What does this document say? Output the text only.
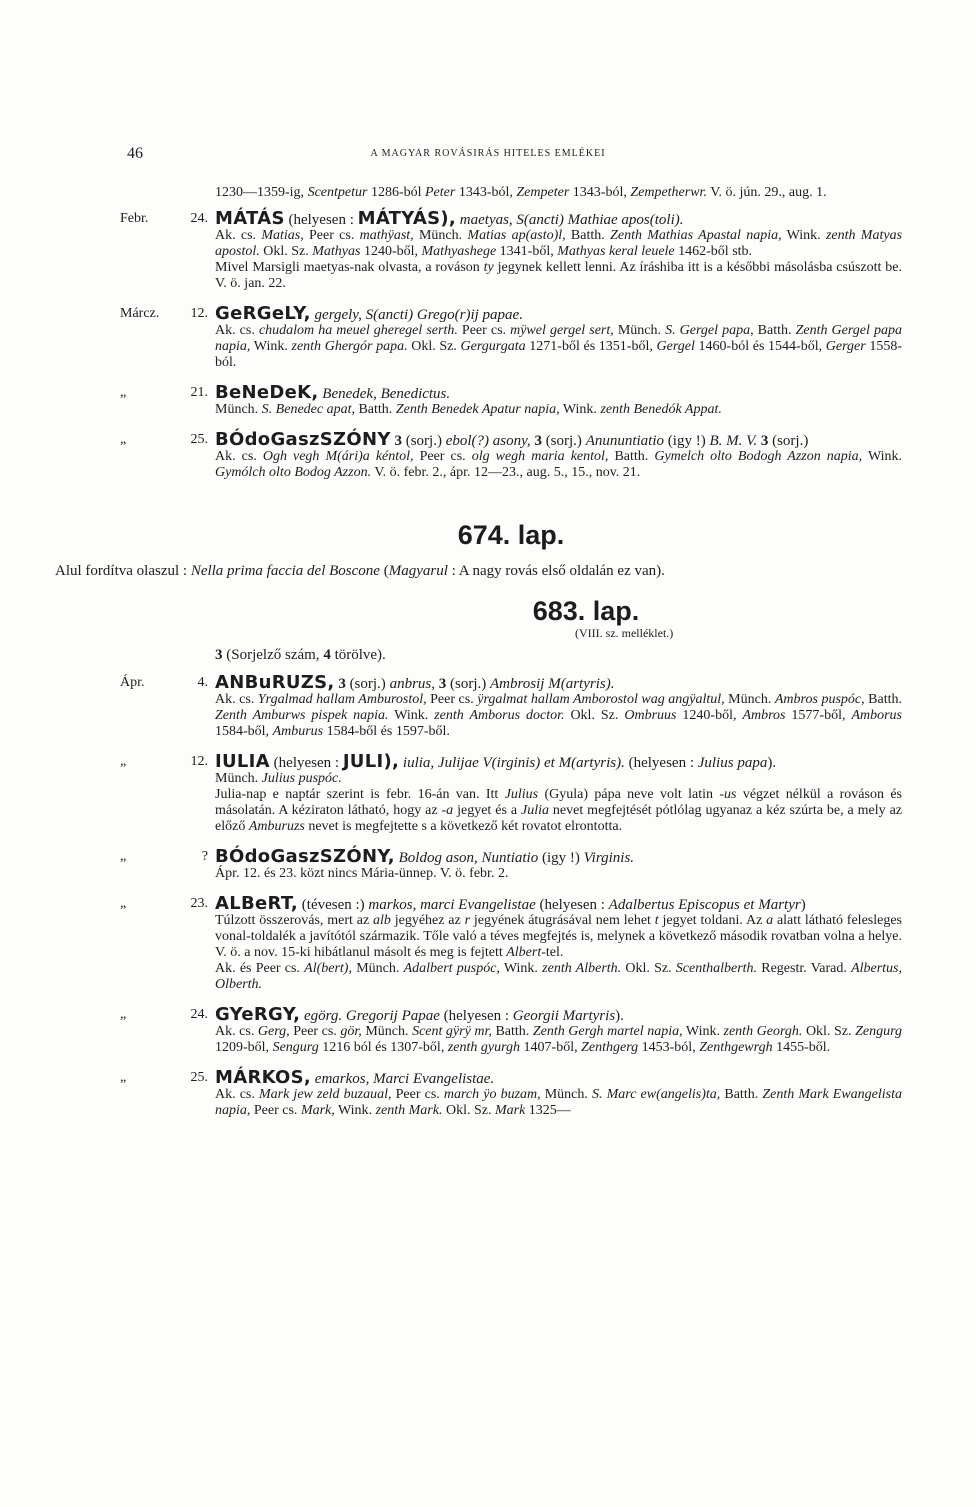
46	A MAGYAR ROVÁSIRÁS HITELES EMLÉKEI

1230—1359-ig, Scentpetur 1286-ból Peter 1343-ból, Zempeter 1343-ból, Zempetherwr. V. ö. jún. 29., aug. 1.

Febr.	24. MÁTÁS (helyesen : MÁTYÁS), maetyas, S(ancti) Mathiae apos(toli).

Ak. cs. Matias, Peer cs. mathÿast, Münch. Matias ap(asto)l, Batth. Zenth Mathias Apastal napia, Wink. zenth Matyas apostol. Okl. Sz. Mathyas 1240-ből, Mathyashege 1341-ből, Mathyas keral leuele 1462-ből stb.

Mivel Marsigli maetyas-nak olvasta, a rováson ty jegynek kellett lenni. Az íráshiba itt is a későbbi másolásba csúszott be. V. ö. jan. 22.

Márcz.	12. GeRGeLY, gergely, S(ancti) Grego(r)ij papae.

Ak. cs. chudalom ha meuel gheregel serth. Peer cs. mÿwel gergel sert, Münch. S. Gergel papa, Batth. Zenth Gergel papa napia, Wink. zenth Ghergór papa. Okl. Sz. Gergurgata 1271-ből és 1351-ből, Gergel 1460-ból és 1544-ből, Gerger 1558-ból.

„	21. BeNeDeK, Benedek, Benedictus.

Münch. S. Benedec apat, Batth. Zenth Benedek Apatur napia, Wink. zenth Benedók Appat.

„	25. BÓdoGaszSZÓNY 3 (sorj.) ebol(?) asony, 3 (sorj.) Anununtiatio (igy !) B. M. V. 3 (sorj.)

Ak. cs. Ogh vegh M(ári)a kéntol, Peer cs. olg wegh maria kentol, Batth. Gymelch olto Bodogh Azzon napia, Wink. Gymólch olto Bodog Azzon. V. ö. febr. 2., ápr. 12—23., aug. 5., 15., nov. 21.

674. lap.
Alul fordítva olaszul : Nella prima faccia del Boscone (Magyarul : A nagy rovás első oldalán ez van).
683. lap.
(VIII. sz. melléklet.)
3 (Sorjelző szám, 4 törölve).
Ápr.	4. ANBuRUZS, 3 (sorj.) anbrus, 3 (sorj.) Ambrosij M(artyris).

Ak. cs. Yrgalmad hallam Amburostol, Peer cs. ÿrgalmat hallam Amborostol wag angÿaltul, Münch. Ambros puspóc, Batth. Zenth Amburws pispek napia. Wink. zenth Amborus doctor. Okl. Sz. Ombruus 1240-ből, Ambros 1577-ből, Amborus 1584-ből, Amburus 1584-ből és 1597-ből.

„	12. IULIA (helyesen : JULI), iulia, Julijae V(irginis) et M(artyris). (helyesen : Julius papa).

Münch. Julius puspóc.

Julia-nap e naptár szerint is febr. 16-án van. Itt Julius (Gyula) pápa neve volt latin -us végzet nélkül a rováson és másolatán. A kéziraton látható, hogy az -a jegyet és a Julia nevet megfejtését pótlólag ugyanaz a kéz szúrta be, a mely az előző Amburuzs nevet is megfejtette s a következő két rovatot elrontotta.

„	? BÓdoGaszSZÓNY, Boldog ason, Nuntiatio (igy !) Virginis.

Ápr. 12. és 23. közt nincs Mária-ünnep. V. ö. febr. 2.

„	23. ALBeRT, (tévesen :) markos, marci Evangelistae (helyesen : Adalbertus Episcopus et Martyr)

Túlzott összerovás, mert az alb jegyéhez az r jegyének átugrásával nem lehet t jegyet toldani. Az a alatt látható felesleges vonal-toldalék a javítótól származik. Tőle való a téves megfejtés is, melynek a következő második rovatban volna a helye. V. ö. a nov. 15-ki hibátlanul másolt és meg is fejtett Albert-tel.

Ak. és Peer cs. Al(bert), Münch. Adalbert puspóc, Wink. zenth Alberth. Okl. Sz. Scenthalberth. Regestr. Varad. Albertus, Olberth.

„	24. GYeRGY, egörg. Gregorij Papae (helyesen : Georgii Martyris).

Ak. cs. Gerg, Peer cs. gör, Münch. Scent gÿrÿ mr, Batth. Zenth Gergh martel napia, Wink. zenth Georgh. Okl. Sz. Zengurg 1209-ből, Sengurg 1216 ból és 1307-ből, zenth gyurgh 1407-ből, Zenthgerg 1453-ból, Zenthgewrgh 1455-ből.

„	25. MÁRKOS, emarkos, Marci Evangelistae.

Ak. cs. Mark jew zeld buzaual, Peer cs. march ÿo buzam, Münch. S. Marc ew(angelis)ta, Batth. Zenth Mark Ewangelista napia, Peer cs. Mark, Wink. zenth Mark. Okl. Sz. Mark 1325—
